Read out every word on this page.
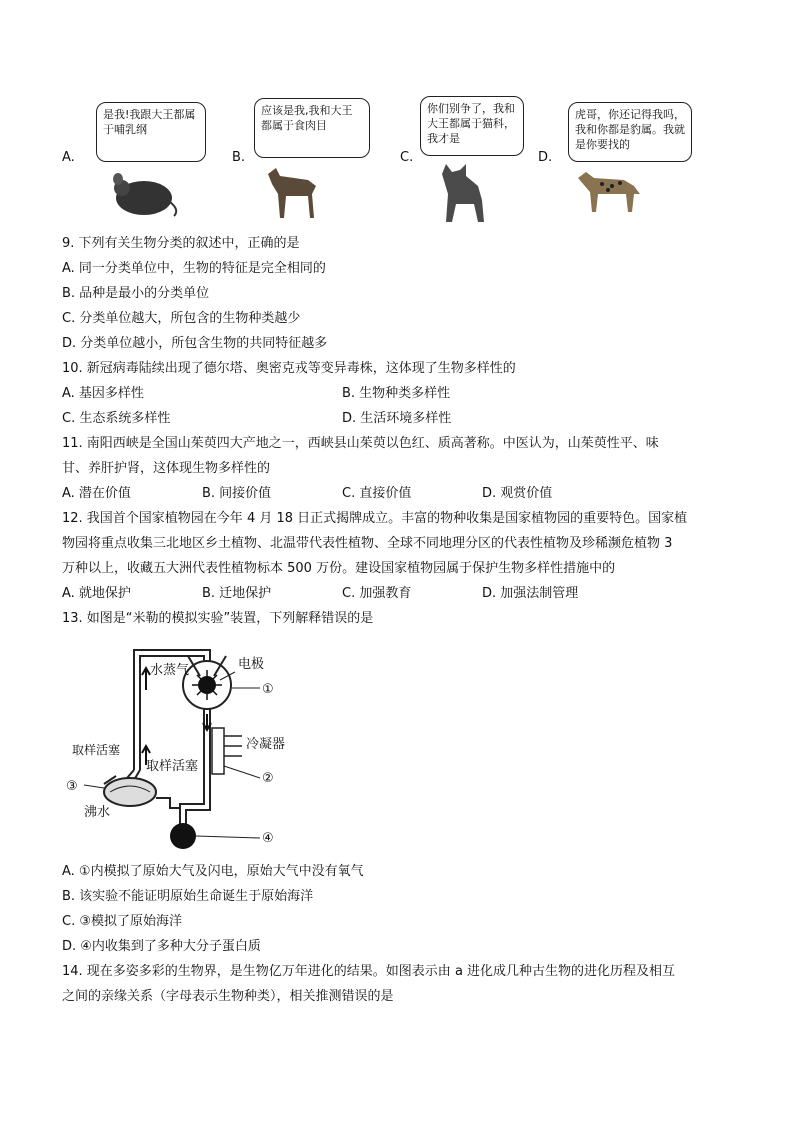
A.
是我!我跟大王都属于哺乳纲
B.
应该是我,我和大王都属于食肉目
C.
你们别争了，我和大王都属于猫科，我才是
D.
虎哥，你还记得我吗，我和你都是豹属。我就是你要找的
9. 下列有关生物分类的叙述中，正确的是
A. 同一分类单位中，生物的特征是完全相同的
B. 品种是最小的分类单位
C. 分类单位越大，所包含的生物种类越少
D. 分类单位越小，所包含生物的共同特征越多
10. 新冠病毒陆续出现了德尔塔、奥密克戎等变异毒株，这体现了生物多样性的
A. 基因多样性	B. 生物种类多样性
C. 生态系统多样性	D. 生活环境多样性
11. 南阳西峡是全国山茱萸四大产地之一，西峡县山茱萸以色红、质高著称。中医认为，山茱萸性平、味
甘、养肝护肾，这体现生物多样性的
A. 潜在价值	B. 间接价值	C. 直接价值	D. 观赏价值
12. 我国首个国家植物园在今年 4 月 18 日正式揭牌成立。丰富的物种收集是国家植物园的重要特色。国家植
物园将重点收集三北地区乡土植物、北温带代表性植物、全球不同地理分区的代表性植物及珍稀濒危植物 3
万种以上，收藏五大洲代表性植物标本 500 万份。建设国家植物园属于保护生物多样性措施中的
A. 就地保护	B. 迁地保护	C. 加强教育	D. 加强法制管理
13. 如图是“米勒的模拟实验”装置，下列解释错误的是
水蒸气	电极
①
冷凝器
②
取样活塞
取样活塞
③
沸水
④
A. ①内模拟了原始大气及闪电，原始大气中没有氧气
B. 该实验不能证明原始生命诞生于原始海洋
C. ③模拟了原始海洋
D. ④内收集到了多种大分子蛋白质
14. 现在多姿多彩的生物界，是生物亿万年进化的结果。如图表示由 a 进化成几种古生物的进化历程及相互
之间的亲缘关系（字母表示生物种类），相关推测错误的是
